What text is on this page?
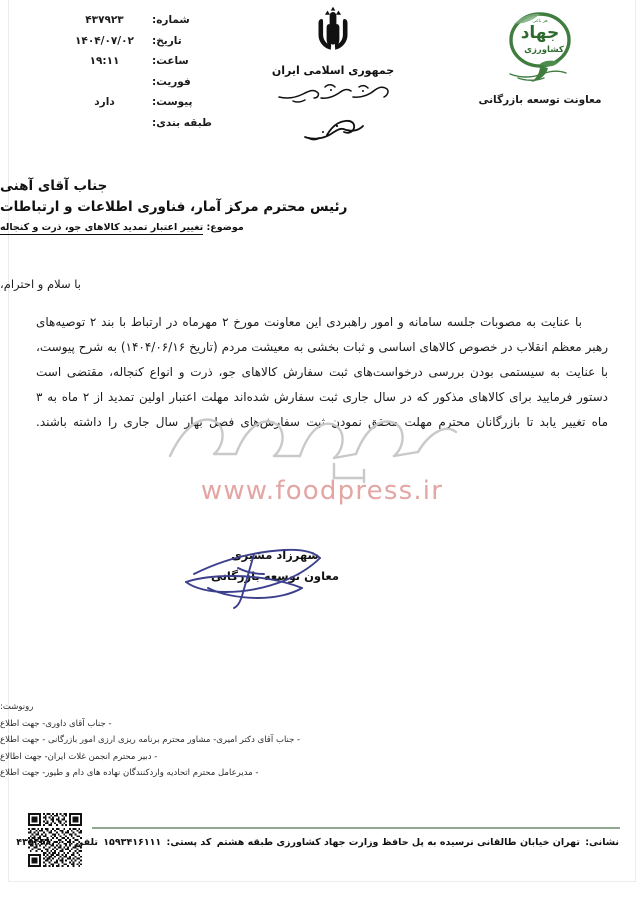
شماره:
۴۳۷۹۲۳
تاریخ:
۱۴۰۴/۰۷/۰۲
ساعت:
۱۹:۱۱
فوریت:
پیوست:
دارد
طبقه بندی:
جمهوری اسلامی ایران
جهاد
کشاورزی
هر باغی
معاونت توسعه بازرگانی
جناب آقای آهنی
رئیس محترم مرکز آمار، فناوری اطلاعات و ارتباطات
موضوع: تغییر اعتبار تمدید کالاهای جو، ذرت و کنجاله
با سلام و احترام،
با عنایت به مصوبات جلسه سامانه و امور راهبردی این معاونت مورخ ۲ مهرماه در ارتباط با بند ۲ توصیه‌های رهبر معظم انقلاب در خصوص کالاهای اساسی و ثبات بخشی به معیشت مردم (تاریخ ۱۴۰۴/۰۶/۱۶) به شرح پیوست، با عنایت به سیستمی بودن بررسی درخواست‌های ثبت سفارش کالاهای جو، ذرت و انواع کنجاله، مقتضی است دستور فرمایید برای کالاهای مذکور که در سال جاری ثبت سفارش شده‌اند مهلت اعتبار اولین تمدید از ۲ ماه به ۳ ماه تغییر یابد تا بازرگانان محترم مهلت محقق نمودن ثبت سفارش‌های فصل بهار سال جاری را داشته باشند.
www.foodpress.ir
شهرزاد مشیری
معاون توسعه بازرگانی
رونوشت:
- جناب آقای داوری- جهت اطلاع
- جناب آقای دکتر امیری- مشاور محترم برنامه ریزی ارزی امور بازرگانی - جهت اطلاع
- دبیر محترم انجمن غلات ایران- جهت اطالاع
- مدیرعامل محترم اتحادیه واردکنندگان نهاده های دام و طیور- جهت اطلاع
نشانی: تهران خیابان طالقانی نرسیده به پل حافظ وزارت جهاد کشاورزی طبقه هشتم کد پستی: ۱۵۹۳۴۱۶۱۱۱ تلفن : ۴۳۵۴۴۸۰۰
